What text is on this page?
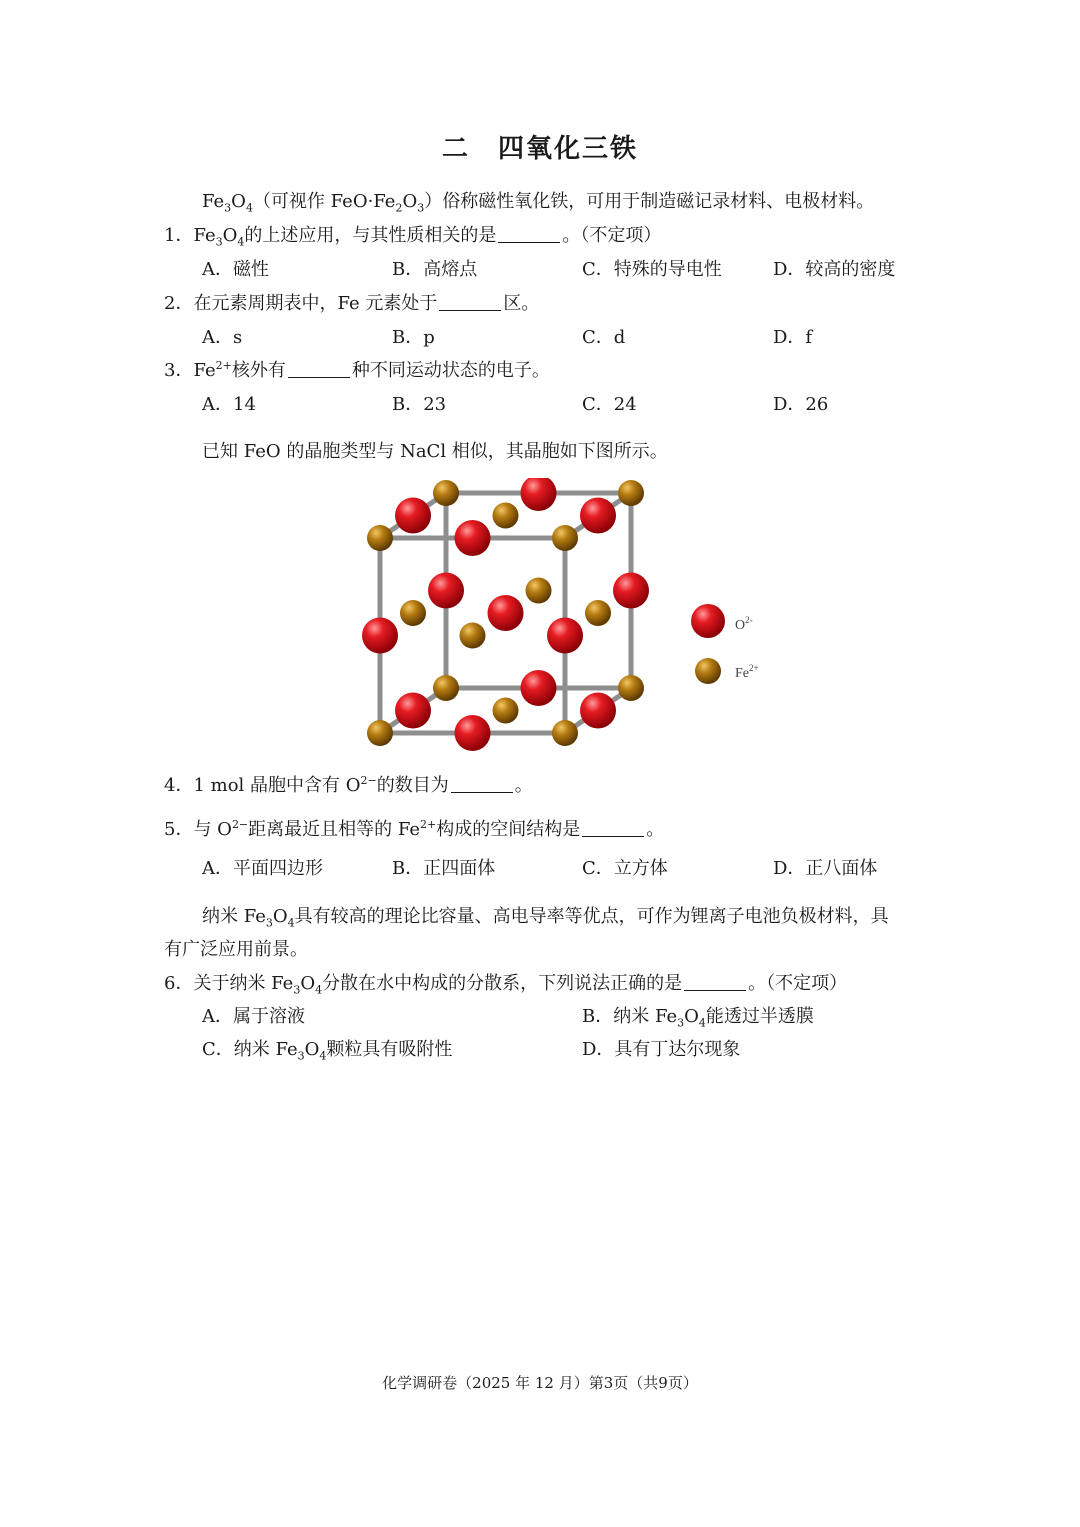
二　四氧化三铁
$Fe_3O_4$（可视作 $FeO\cdot Fe_2O_3$）俗称磁性氧化铁，可用于制造磁记录材料、电极材料。
1．$Fe_3O_4$的上述应用，与其性质相关的是	。（不定项）
A．磁性	B．高熔点	C．特殊的导电性	D．较高的密度
2．在元素周期表中，Fe 元素处于	区。
A．s	B．p	C．d	D．f
3．$Fe^{2+}$核外有	种不同运动状态的电子。
A．14	B．23	C．24	D．26
已知 FeO 的晶胞类型与 NaCl 相似，其晶胞如下图所示。
$O^{2-}$
$Fe^{2+}$
4．1 mol 晶胞中含有 $O^{2-}$的数目为	。
5．与 $O^{2-}$距离最近且相等的 $Fe^{2+}$构成的空间结构是	。
A．平面四边形	B．正四面体	C．立方体	D．正八面体
纳米 $Fe_3O_4$具有较高的理论比容量、高电导率等优点，可作为锂离子电池负极材料，具
有广泛应用前景。
6．关于纳米 $Fe_3O_4$分散在水中构成的分散系，下列说法正确的是	。（不定项）
A．属于溶液	B．纳米 $Fe_3O_4$能透过半透膜
C．纳米 $Fe_3O_4$颗粒具有吸附性	D．具有丁达尔现象
化学调研卷（2025 年 12 月）第3页（共9页）
